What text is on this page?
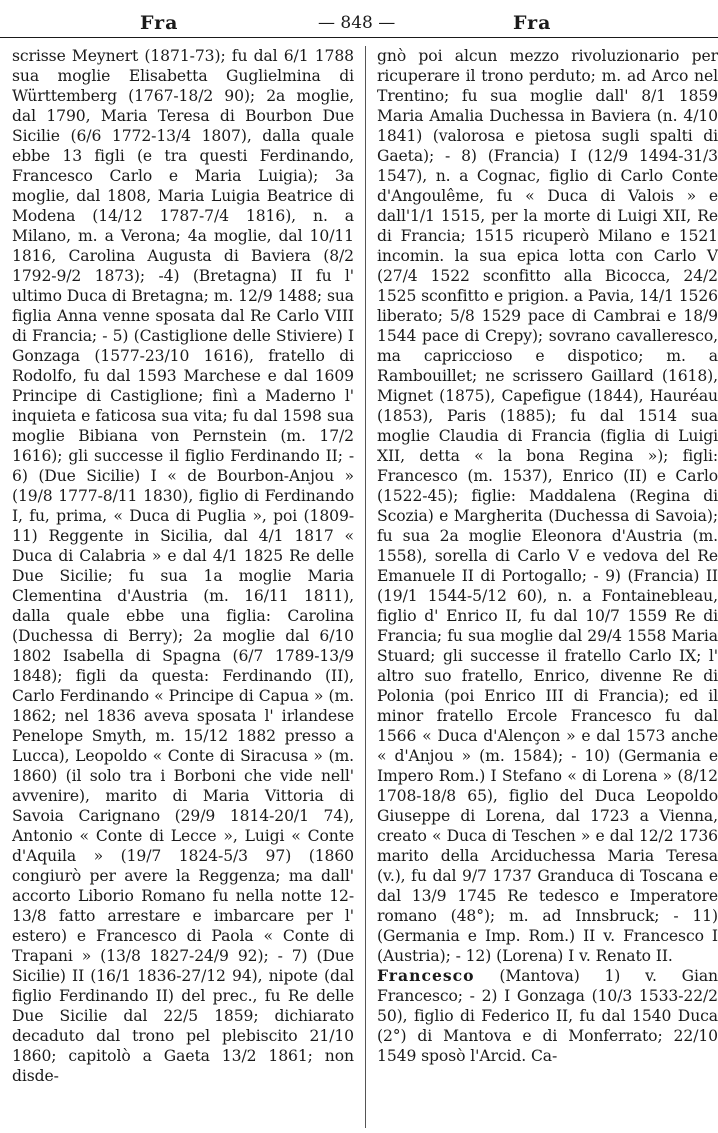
Fra	— 848 —	Fra

scrisse Meynert (1871-73); fu dal 6/1 1788 sua moglie Elisabetta Guglielmina di Württemberg (1767-18/2 90); 2a moglie, dal 1790, Maria Teresa di Bourbon Due Sicilie (6/6 1772-13/4 1807), dalla quale ebbe 13 figli (e tra questi Ferdinando, Francesco Carlo e Maria Luigia); 3a moglie, dal 1808, Maria Luigia Beatrice di Modena (14/12 1787-7/4 1816), n. a Milano, m. a Verona; 4a moglie, dal 10/11 1816, Carolina Augusta di Baviera (8/2 1792-9/2 1873); -4) (Bretagna) II fu l' ultimo Duca di Bretagna; m. 12/9 1488; sua figlia Anna venne sposata dal Re Carlo VIII di Francia; - 5) (Castiglione delle Stiviere) I Gonzaga (1577-23/10 1616), fratello di Rodolfo, fu dal 1593 Marchese e dal 1609 Principe di Castiglione; finì a Maderno l' inquieta e faticosa sua vita; fu dal 1598 sua moglie Bibiana von Pernstein (m. 17/2 1616); gli successe il figlio Ferdinando II; - 6) (Due Sicilie) I « de Bourbon-Anjou » (19/8 1777-8/11 1830), figlio di Ferdinando I, fu, prima, « Duca di Puglia », poi (1809-11) Reggente in Sicilia, dal 4/1 1817 « Duca di Calabria » e dal 4/1 1825 Re delle Due Sicilie; fu sua 1a moglie Maria Clementina d'Austria (m. 16/11 1811), dalla quale ebbe una figlia: Carolina (Duchessa di Berry); 2a moglie dal 6/10 1802 Isabella di Spagna (6/7 1789-13/9 1848); figli da questa: Ferdinando (II), Carlo Ferdinando « Principe di Capua » (m. 1862; nel 1836 aveva sposata l' irlandese Penelope Smyth, m. 15/12 1882 presso a Lucca), Leopoldo « Conte di Siracusa » (m. 1860) (il solo tra i Borboni che vide nell' avvenire), marito di Maria Vittoria di Savoia Carignano (29/9 1814-20/1 74), Antonio « Conte di Lecce », Luigi « Conte d'Aquila » (19/7 1824-5/3 97) (1860 congiurò per avere la Reggenza; ma dall' accorto Liborio Romano fu nella notte 12-13/8 fatto arrestare e imbarcare per l' estero) e Francesco di Paola « Conte di Trapani » (13/8 1827-24/9 92); - 7) (Due Sicilie) II (16/1 1836-27/12 94), nipote (dal figlio Ferdinando II) del prec., fu Re delle Due Sicilie dal 22/5 1859; dichiarato decaduto dal trono pel plebiscito 21/10 1860; capitolò a Gaeta 13/2 1861; non disde-

gnò poi alcun mezzo rivoluzionario per ricuperare il trono perduto; m. ad Arco nel Trentino; fu sua moglie dall' 8/1 1859 Maria Amalia Duchessa in Baviera (n. 4/10 1841) (valorosa e pietosa sugli spalti di Gaeta); - 8) (Francia) I (12/9 1494-31/3 1547), n. a Cognac, figlio di Carlo Conte d'Angoulême, fu « Duca di Valois » e dall'1/1 1515, per la morte di Luigi XII, Re di Francia; 1515 ricuperò Milano e 1521 incomin. la sua epica lotta con Carlo V (27/4 1522 sconfitto alla Bicocca, 24/2 1525 sconfitto e prigion. a Pavia, 14/1 1526 liberato; 5/8 1529 pace di Cambrai e 18/9 1544 pace di Crepy); sovrano cavalleresco, ma capriccioso e dispotico; m. a Rambouillet; ne scrissero Gaillard (1618), Mignet (1875), Capefigue (1844), Hauréau (1853), Paris (1885); fu dal 1514 sua moglie Claudia di Francia (figlia di Luigi XII, detta « la bona Regina »); figli: Francesco (m. 1537), Enrico (II) e Carlo (1522-45); figlie: Maddalena (Regina di Scozia) e Margherita (Duchessa di Savoia); fu sua 2a moglie Eleonora d'Austria (m. 1558), sorella di Carlo V e vedova del Re Emanuele II di Portogallo; - 9) (Francia) II (19/1 1544-5/12 60), n. a Fontainebleau, figlio d' Enrico II, fu dal 10/7 1559 Re di Francia; fu sua moglie dal 29/4 1558 Maria Stuard; gli successe il fratello Carlo IX; l' altro suo fratello, Enrico, divenne Re di Polonia (poi Enrico III di Francia); ed il minor fratello Ercole Francesco fu dal 1566 « Duca d'Alençon » e dal 1573 anche « d'Anjou » (m. 1584); - 10) (Germania e Impero Rom.) I Stefano « di Lorena » (8/12 1708-18/8 65), figlio del Duca Leopoldo Giuseppe di Lorena, dal 1723 a Vienna, creato « Duca di Teschen » e dal 12/2 1736 marito della Arciduchessa Maria Teresa (v.), fu dal 9/7 1737 Granduca di Toscana e dal 13/9 1745 Re tedesco e Imperatore romano (48°); m. ad Innsbruck; - 11) (Germania e Imp. Rom.) II v. Francesco I (Austria); - 12) (Lorena) I v. Renato II.

Francesco (Mantova) 1) v. Gian Francesco; - 2) I Gonzaga (10/3 1533-22/2 50), figlio di Federico II, fu dal 1540 Duca (2°) di Mantova e di Monferrato; 22/10 1549 sposò l'Arcid. Ca-
